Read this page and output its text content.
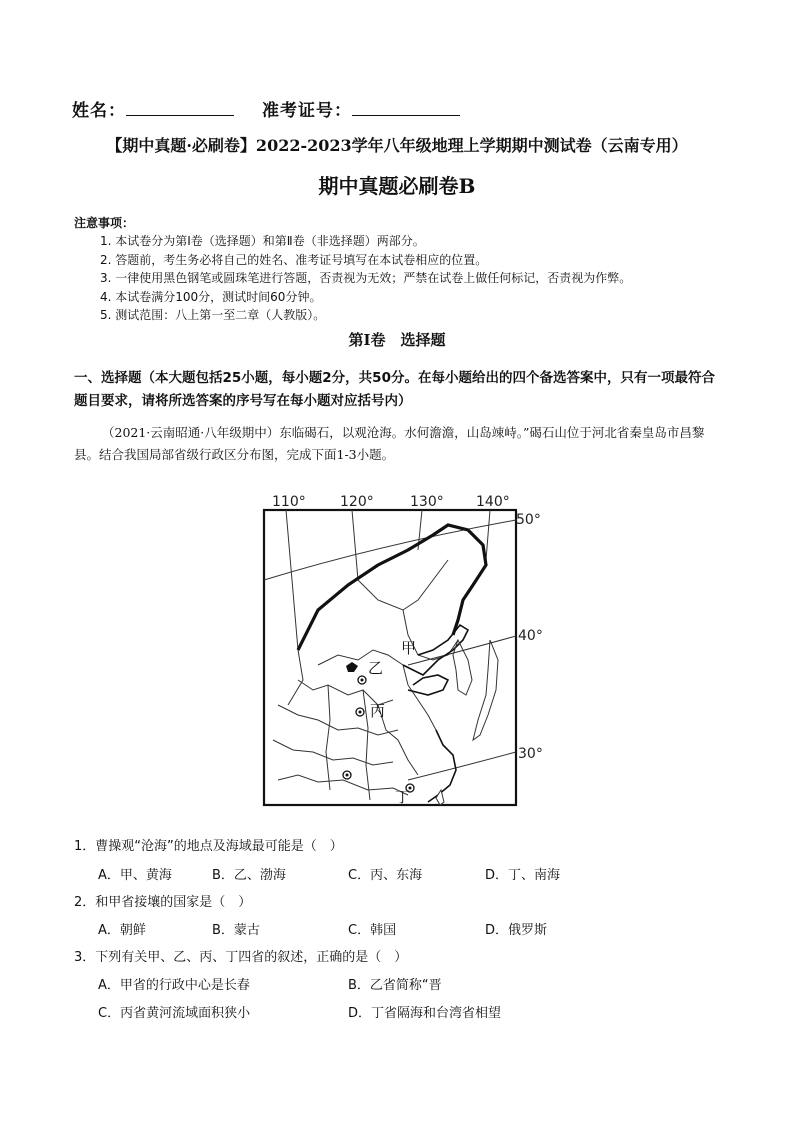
姓名：	准考证号：
【期中真题·必刷卷】2022-2023学年八年级地理上学期期中测试卷（云南专用）
期中真题必刷卷B
注意事项：
1. 本试卷分为第Ⅰ卷（选择题）和第Ⅱ卷（非选择题）两部分。
2. 答题前，考生务必将自己的姓名、准考证号填写在本试卷相应的位置。
3. 一律使用黑色钢笔或圆珠笔进行答题，否责视为无效；严禁在试卷上做任何标记，否责视为作弊。
4. 本试卷满分100分，测试时间60分钟。
5. 测试范围：八上第一至二章（人教版）。
第Ⅰ卷　选择题
一、选择题（本大题包括25小题，每小题2分，共50分。在每小题给出的四个备选答案中，只有一项最符合题目要求，请将所选答案的序号写在每小题对应括号内）
（2021·云南昭通·八年级期中）东临碣石，以观沧海。水何澹澹，山岛竦峙。”碣石山位于河北省秦皇岛市昌黎县。结合我国局部省级行政区分布图，完成下面1-3小题。
110° 120°	130° 140°
50°
40°
30°
甲
乙
丙
丁
1．曹操观“沧海”的地点及海域最可能是（　）
A．甲、黄海	B．乙、渤海	C．丙、东海	D．丁、南海
2．和甲省接壤的国家是（　）
A．朝鲜	B．蒙古	C．韩国	D．俄罗斯
3．下列有关甲、乙、丙、丁四省的叙述，正确的是（　）
A．甲省的行政中心是长春	B．乙省简称“晋
C．丙省黄河流域面积狭小	D．丁省隔海和台湾省相望
